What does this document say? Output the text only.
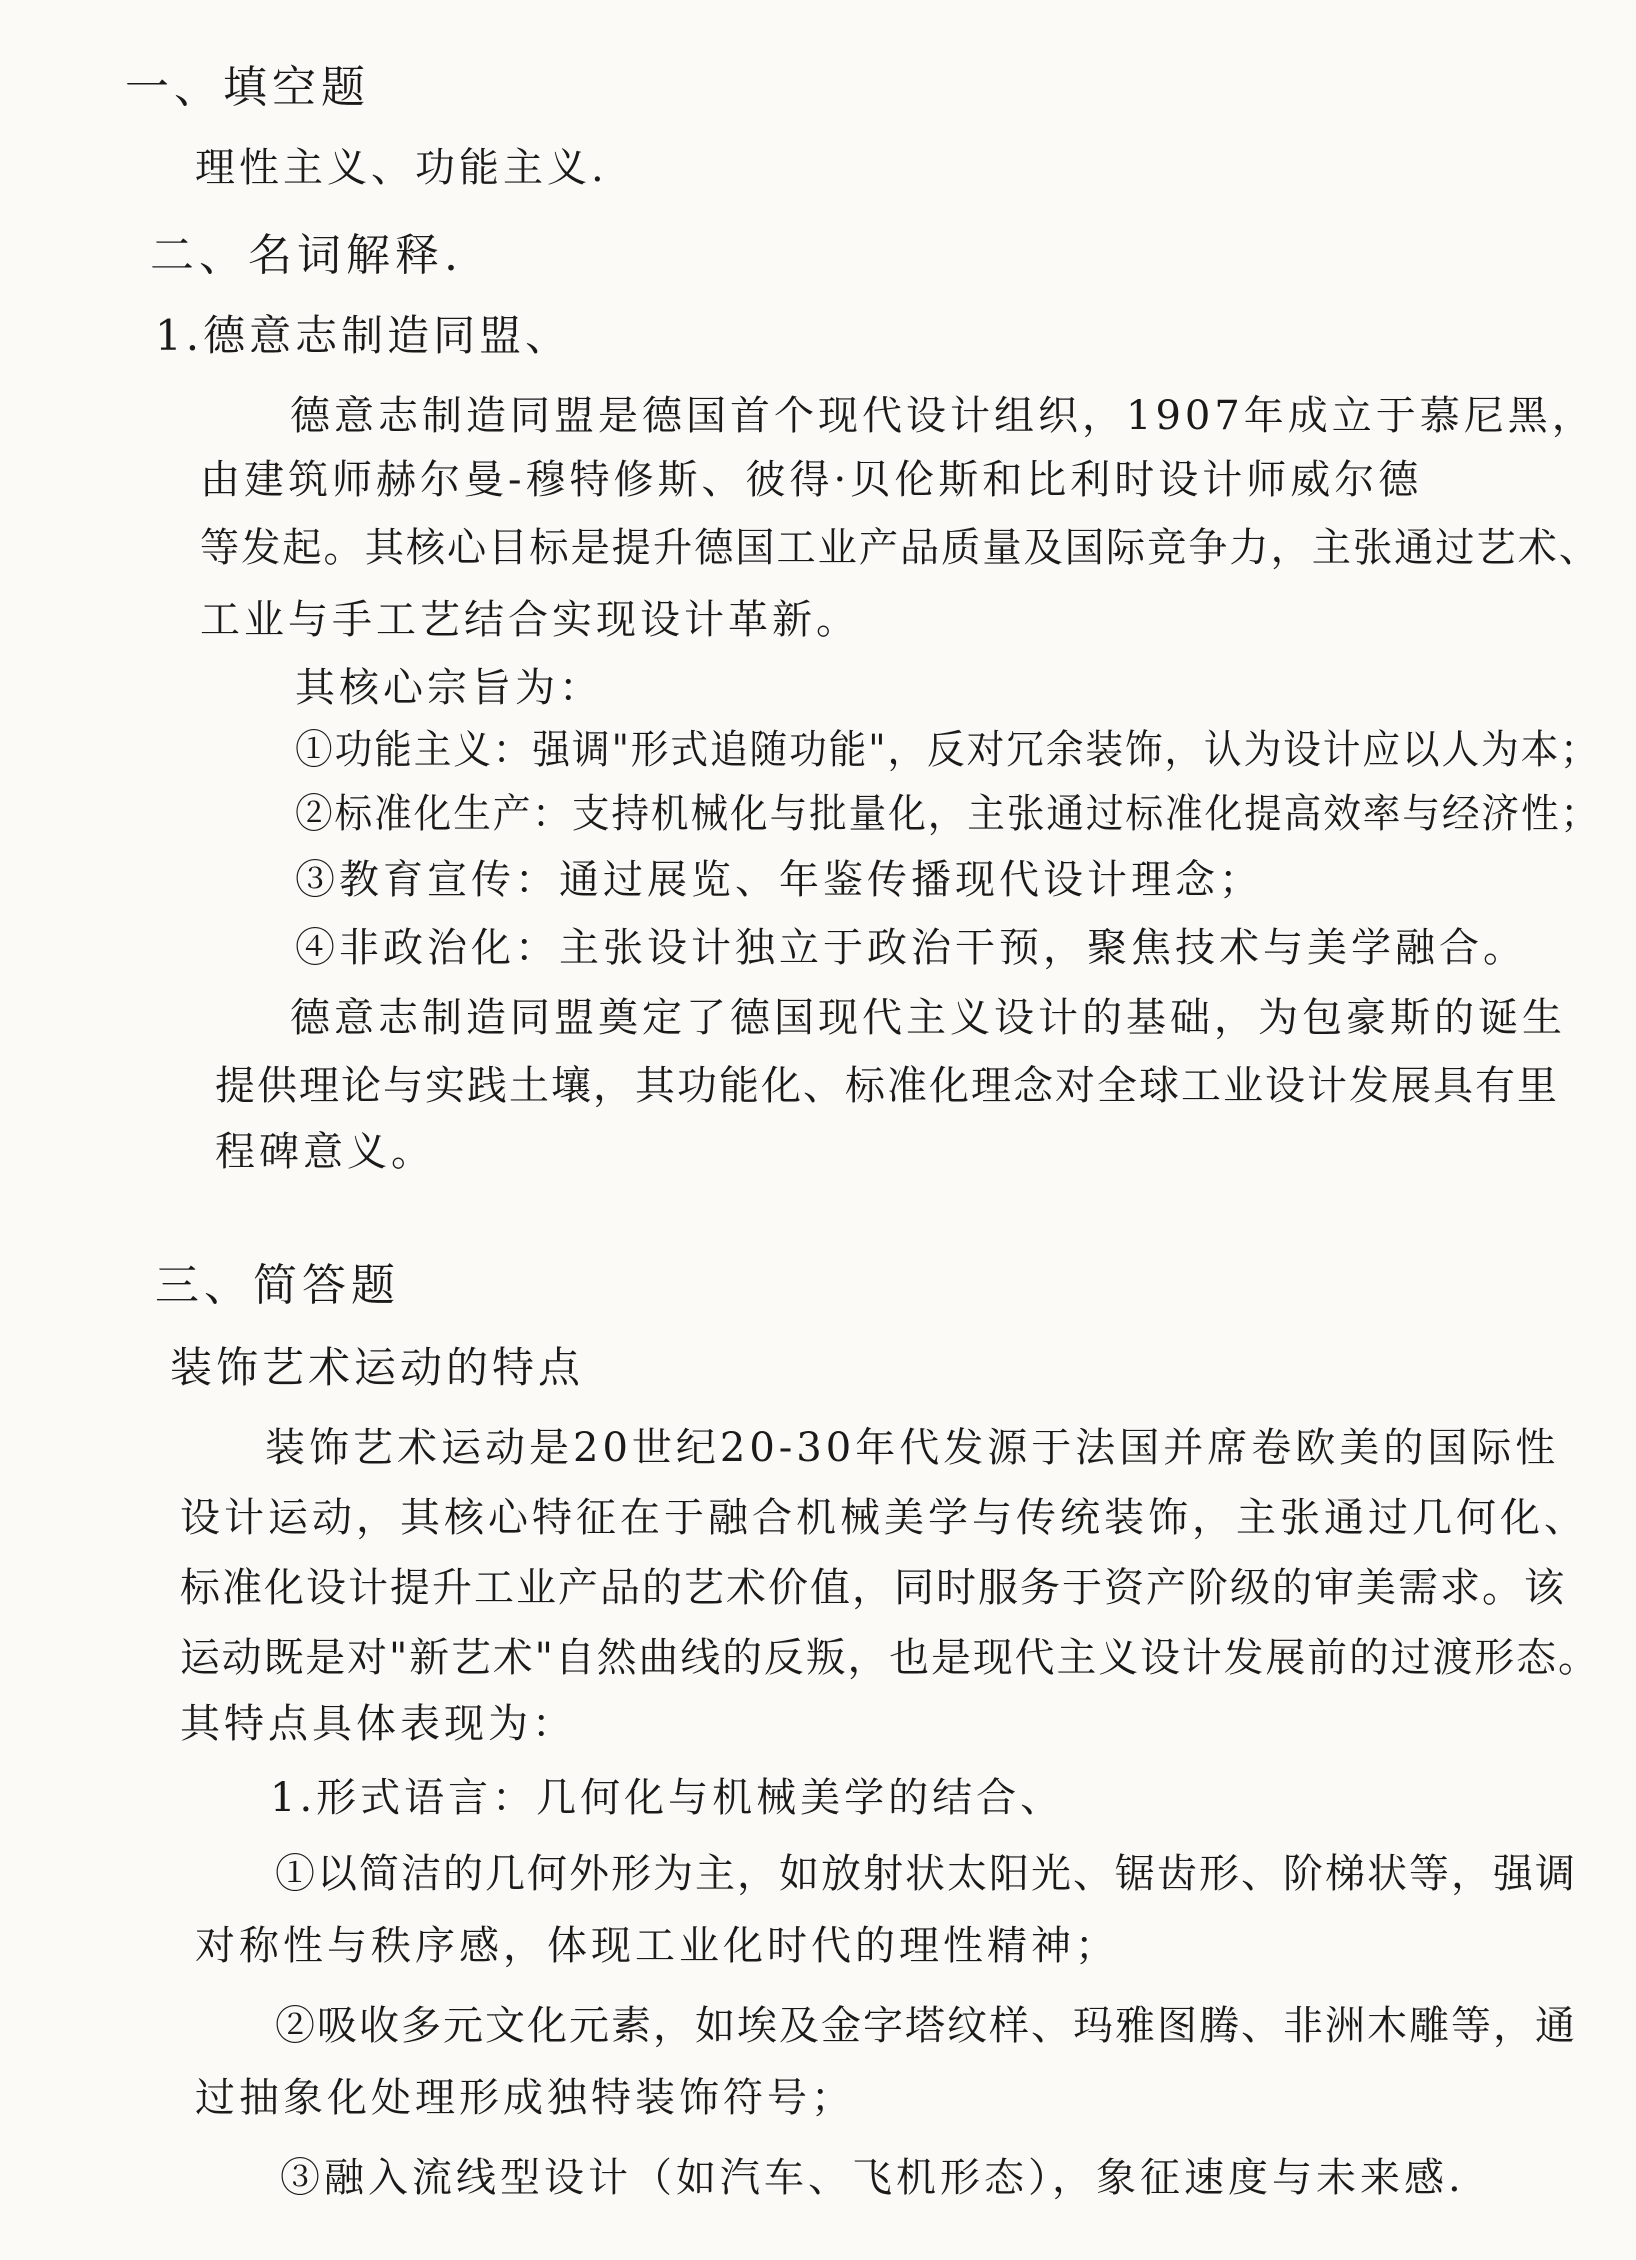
一、填空题
理性主义、功能主义.
二、名词解释.
1.德意志制造同盟、
德意志制造同盟是德国首个现代设计组织，1907年成立于慕尼黑，
由建筑师赫尔曼-穆特修斯、彼得·贝伦斯和比利时设计师威尔德
等发起。其核心目标是提升德国工业产品质量及国际竞争力，主张通过艺术、
工业与手工艺结合实现设计革新。
其核心宗旨为：
①功能主义：强调"形式追随功能"，反对冗余装饰，认为设计应以人为本；
②标准化生产：支持机械化与批量化，主张通过标准化提高效率与经济性；
③教育宣传：通过展览、年鉴传播现代设计理念；
④非政治化：主张设计独立于政治干预，聚焦技术与美学融合。
德意志制造同盟奠定了德国现代主义设计的基础，为包豪斯的诞生
提供理论与实践土壤，其功能化、标准化理念对全球工业设计发展具有里
程碑意义。
三、简答题
装饰艺术运动的特点
装饰艺术运动是20世纪20-30年代发源于法国并席卷欧美的国际性
设计运动，其核心特征在于融合机械美学与传统装饰，主张通过几何化、
标准化设计提升工业产品的艺术价值，同时服务于资产阶级的审美需求。该
运动既是对"新艺术"自然曲线的反叛，也是现代主义设计发展前的过渡形态。
其特点具体表现为：
1.形式语言：几何化与机械美学的结合、
①以简洁的几何外形为主，如放射状太阳光、锯齿形、阶梯状等，强调
对称性与秩序感，体现工业化时代的理性精神；
②吸收多元文化元素，如埃及金字塔纹样、玛雅图腾、非洲木雕等，通
过抽象化处理形成独特装饰符号；
③融入流线型设计（如汽车、飞机形态），象征速度与未来感.
